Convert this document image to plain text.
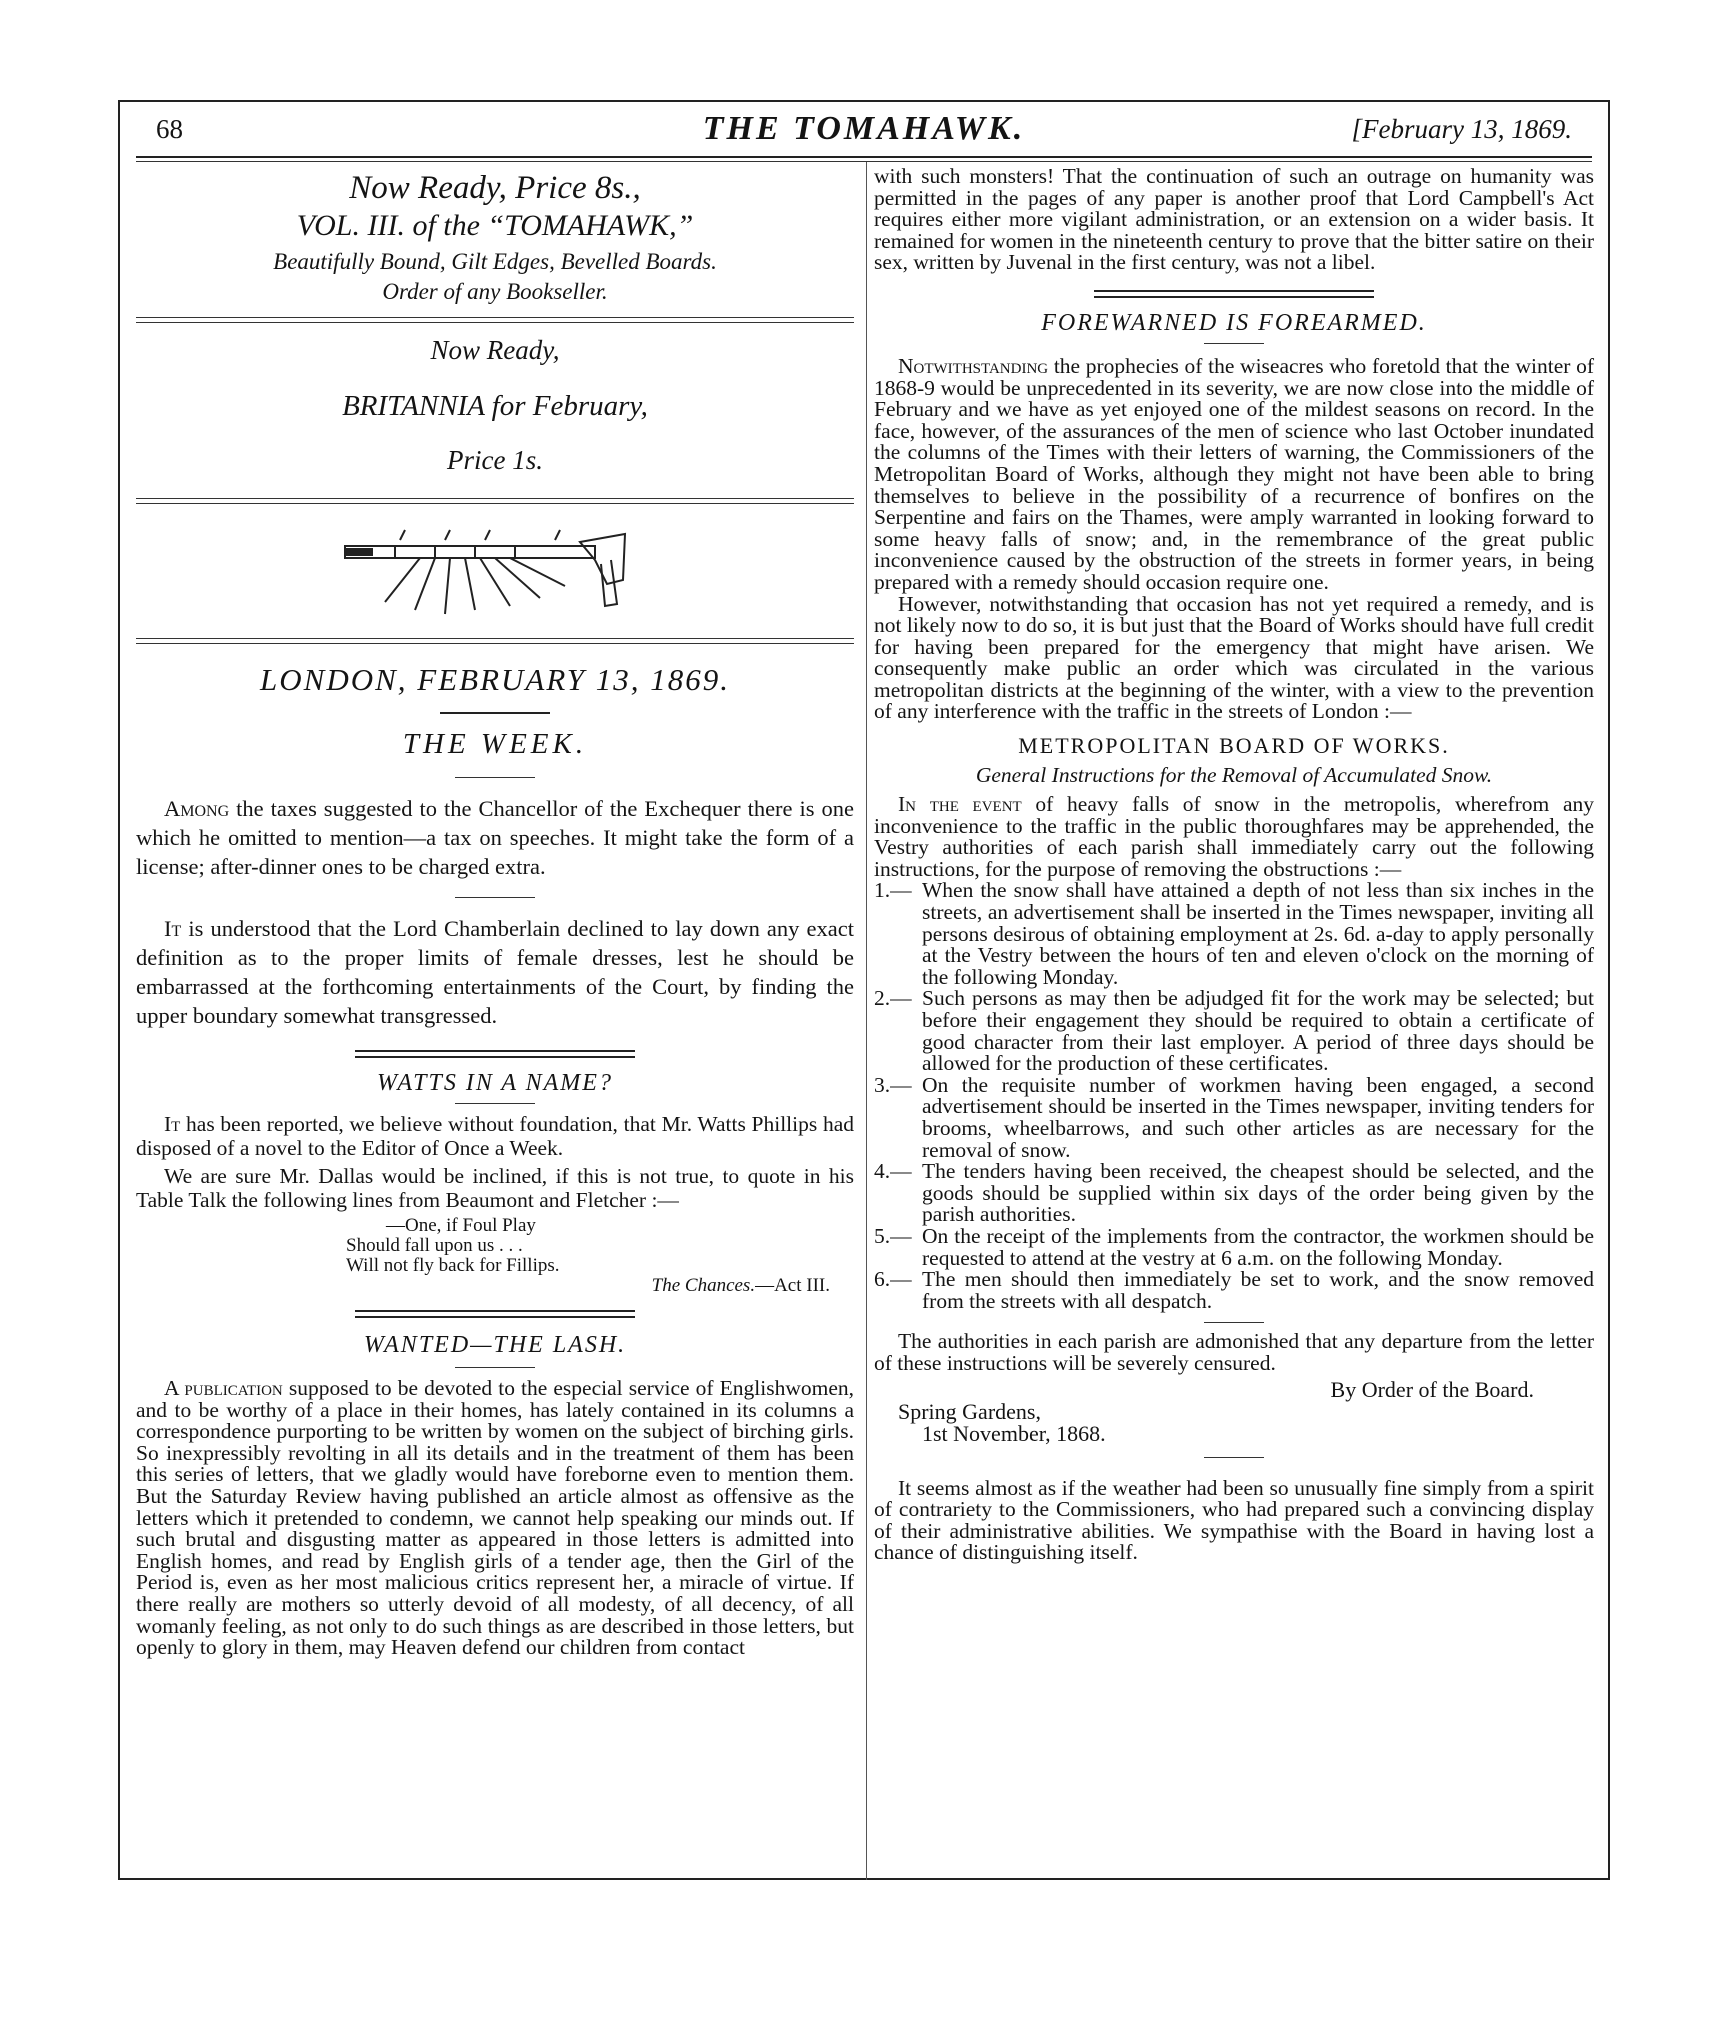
68	THE TOMAHAWK.	[February 13, 1869.
Now Ready, Price 8s.,
VOL. III. of the “TOMAHAWK,”
Beautifully Bound, Gilt Edges, Bevelled Boards.
Order of any Bookseller.
Now Ready,
BRITANNIA for February,
Price 1s.
LONDON, FEBRUARY 13, 1869.
THE WEEK.

Among the taxes suggested to the Chancellor of the Exchequer there is one which he omitted to mention—a tax on speeches. It might take the form of a license; after-dinner ones to be charged extra.

It is understood that the Lord Chamberlain declined to lay down any exact definition as to the proper limits of female dresses, lest he should be embarrassed at the forthcoming entertainments of the Court, by finding the upper boundary somewhat transgressed.

WATTS IN A NAME?

It has been reported, we believe without foundation, that Mr. Watts Phillips had disposed of a novel to the Editor of Once a Week.

We are sure Mr. Dallas would be inclined, if this is not true, to quote in his Table Talk the following lines from Beaumont and Fletcher :—

—One, if Foul Play
Should fall upon us . . .
Will not fly back for Fillips.
The Chances.—Act III.
WANTED—THE LASH.

A publication supposed to be devoted to the especial service of Englishwomen, and to be worthy of a place in their homes, has lately contained in its columns a correspondence purporting to be written by women on the subject of birching girls. So inexpressibly revolting in all its details and in the treatment of them has been this series of letters, that we gladly would have foreborne even to mention them. But the Saturday Review having published an article almost as offensive as the letters which it pretended to condemn, we cannot help speaking our minds out. If such brutal and disgusting matter as appeared in those letters is admitted into English homes, and read by English girls of a tender age, then the Girl of the Period is, even as her most malicious critics represent her, a miracle of virtue. If there really are mothers so utterly devoid of all modesty, of all decency, of all womanly feeling, as not only to do such things as are described in those letters, but openly to glory in them, may Heaven defend our children from contact

with such monsters! That the continuation of such an outrage on humanity was permitted in the pages of any paper is another proof that Lord Campbell's Act requires either more vigilant administration, or an extension on a wider basis. It remained for women in the nineteenth century to prove that the bitter satire on their sex, written by Juvenal in the first century, was not a libel.

FOREWARNED IS FOREARMED.

Notwithstanding the prophecies of the wiseacres who foretold that the winter of 1868-9 would be unprecedented in its severity, we are now close into the middle of February and we have as yet enjoyed one of the mildest seasons on record. In the face, however, of the assurances of the men of science who last October inundated the columns of the Times with their letters of warning, the Commissioners of the Metropolitan Board of Works, although they might not have been able to bring themselves to believe in the possibility of a recurrence of bonfires on the Serpentine and fairs on the Thames, were amply warranted in looking forward to some heavy falls of snow; and, in the remembrance of the great public inconvenience caused by the obstruction of the streets in former years, in being prepared with a remedy should occasion require one.

However, notwithstanding that occasion has not yet required a remedy, and is not likely now to do so, it is but just that the Board of Works should have full credit for having been prepared for the emergency that might have arisen. We consequently make public an order which was circulated in the various metropolitan districts at the beginning of the winter, with a view to the prevention of any interference with the traffic in the streets of London :—

METROPOLITAN BOARD OF WORKS.
General Instructions for the Removal of Accumulated Snow.

In the event of heavy falls of snow in the metropolis, wherefrom any inconvenience to the traffic in the public thoroughfares may be apprehended, the Vestry authorities of each parish shall immediately carry out the following instructions, for the purpose of removing the obstructions :—

1.— When the snow shall have attained a depth of not less than six inches in the streets, an advertisement shall be inserted in the Times newspaper, inviting all persons desirous of obtaining employment at 2s. 6d. a-day to apply personally at the Vestry between the hours of ten and eleven o'clock on the morning of the following Monday.

2.— Such persons as may then be adjudged fit for the work may be selected; but before their engagement they should be required to obtain a certificate of good character from their last employer. A period of three days should be allowed for the production of these certificates.

3.— On the requisite number of workmen having been engaged, a second advertisement should be inserted in the Times newspaper, inviting tenders for brooms, wheelbarrows, and such other articles as are necessary for the removal of snow.

4.— The tenders having been received, the cheapest should be selected, and the goods should be supplied within six days of the order being given by the parish authorities.

5.— On the receipt of the implements from the contractor, the workmen should be requested to attend at the vestry at 6 a.m. on the following Monday.

6.— The men should then immediately be set to work, and the snow removed from the streets with all despatch.

The authorities in each parish are admonished that any departure from the letter of these instructions will be severely censured.

By Order of the Board.
Spring Gardens,
1st November, 1868.

It seems almost as if the weather had been so unusually fine simply from a spirit of contrariety to the Commissioners, who had prepared such a convincing display of their administrative abilities. We sympathise with the Board in having lost a chance of distinguishing itself.
